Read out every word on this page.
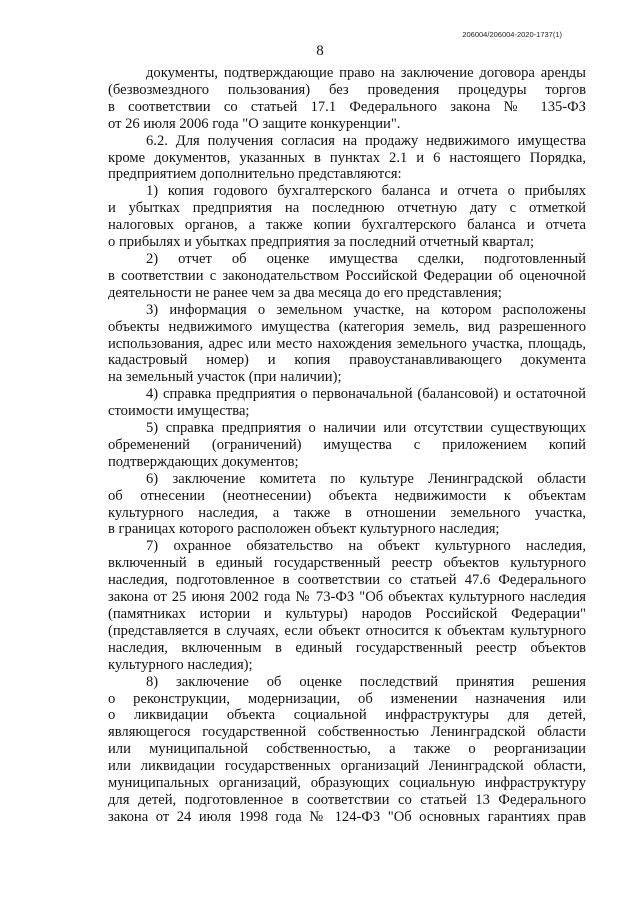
206004/206004-2020-1737(1)
8
документы, подтверждающие право на заключение договора аренды
(безвозмездного пользования) без проведения процедуры торгов
в соответствии со статьей 17.1 Федерального закона № 135-ФЗ
от 26 июля 2006 года "О защите конкуренции".
6.2. Для получения согласия на продажу недвижимого имущества
кроме документов, указанных в пунктах 2.1 и 6 настоящего Порядка,
предприятием дополнительно представляются:
1) копия годового бухгалтерского баланса и отчета о прибылях
и убытках предприятия на последнюю отчетную дату с отметкой
налоговых органов, а также копии бухгалтерского баланса и отчета
о прибылях и убытках предприятия за последний отчетный квартал;
2) отчет об оценке имущества сделки, подготовленный
в соответствии с законодательством Российской Федерации об оценочной
деятельности не ранее чем за два месяца до его представления;
3) информация о земельном участке, на котором расположены
объекты недвижимого имущества (категория земель, вид разрешенного
использования, адрес или место нахождения земельного участка, площадь,
кадастровый номер) и копия правоустанавливающего документа
на земельный участок (при наличии);
4) справка предприятия о первоначальной (балансовой) и остаточной
стоимости имущества;
5) справка предприятия о наличии или отсутствии существующих
обременений (ограничений) имущества с приложением копий
подтверждающих документов;
6) заключение комитета по культуре Ленинградской области
об отнесении (неотнесении) объекта недвижимости к объектам
культурного наследия, а также в отношении земельного участка,
в границах которого расположен объект культурного наследия;
7) охранное обязательство на объект культурного наследия,
включенный в единый государственный реестр объектов культурного
наследия, подготовленное в соответствии со статьей 47.6 Федерального
закона от 25 июня 2002 года № 73-ФЗ "Об объектах культурного наследия
(памятниках истории и культуры) народов Российской Федерации"
(представляется в случаях, если объект относится к объектам культурного
наследия, включенным в единый государственный реестр объектов
культурного наследия);
8) заключение об оценке последствий принятия решения
о реконструкции, модернизации, об изменении назначения или
о ликвидации объекта социальной инфраструктуры для детей,
являющегося государственной собственностью Ленинградской области
или муниципальной собственностью, а также о реорганизации
или ликвидации государственных организаций Ленинградской области,
муниципальных организаций, образующих социальную инфраструктуру
для детей, подготовленное в соответствии со статьей 13 Федерального
закона от 24 июля 1998 года № 124-ФЗ "Об основных гарантиях прав
